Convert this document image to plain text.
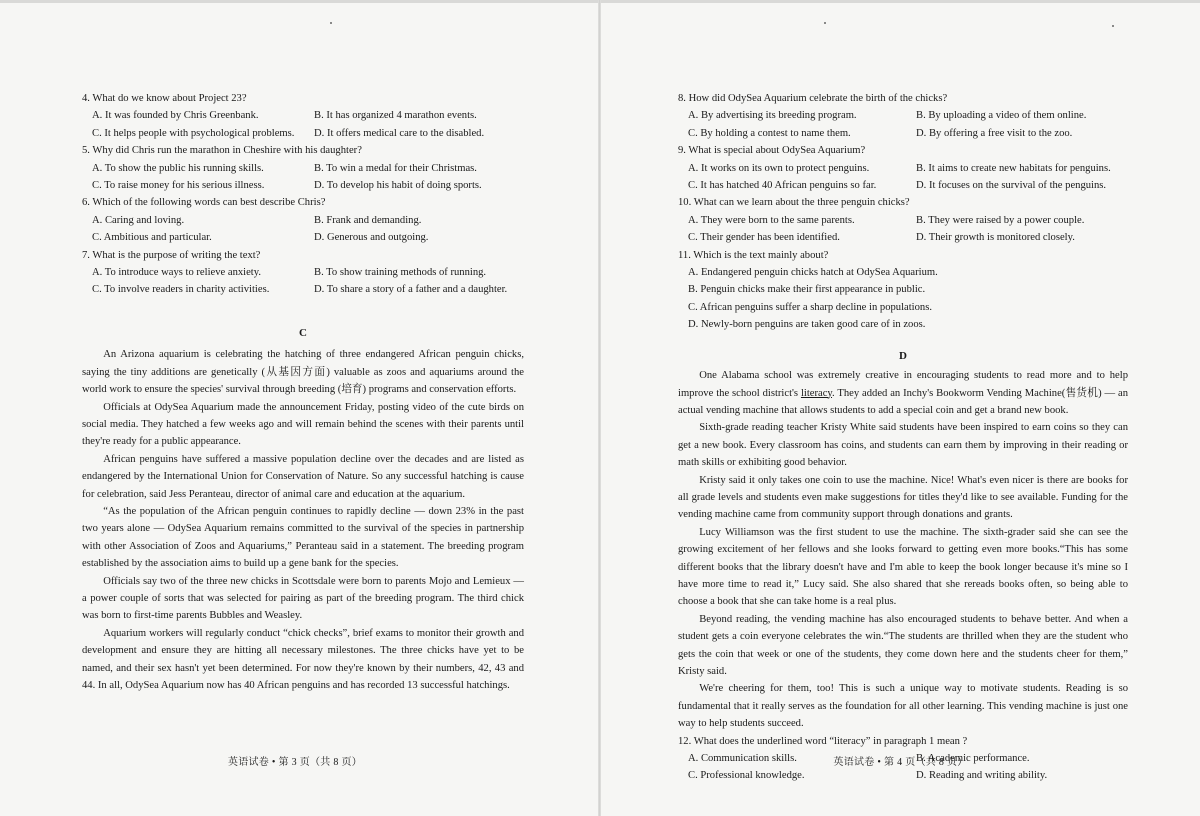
4. What do we know about Project 23?

A. It was founded by Chris Greenbank.	B. It has organized 4 marathon events.
C. It helps people with psychological problems.	D. It offers medical care to the disabled.

5. Why did Chris run the marathon in Cheshire with his daughter?

A. To show the public his running skills.	B. To win a medal for their Christmas.
C. To raise money for his serious illness.	D. To develop his habit of doing sports.

6. Which of the following words can best describe Chris?

A. Caring and loving.	B. Frank and demanding.
C. Ambitious and particular.	D. Generous and outgoing.

7. What is the purpose of writing the text?

A. To introduce ways to relieve anxiety.	B. To show training methods of running.
C. To involve readers in charity activities.	D. To share a story of a father and a daughter.

C

An Arizona aquarium is celebrating the hatching of three endangered African penguin chicks, saying the tiny additions are genetically (从基因方面) valuable as zoos and aquariums around the world work to ensure the species' survival through breeding (培育) programs and conservation efforts.

Officials at OdySea Aquarium made the announcement Friday, posting video of the cute birds on social media. They hatched a few weeks ago and will remain behind the scenes with their parents until they're ready for a public appearance.

African penguins have suffered a massive population decline over the decades and are listed as endangered by the International Union for Conservation of Nature. So any successful hatching is cause for celebration, said Jess Peranteau, director of animal care and education at the aquarium.

“As the population of the African penguin continues to rapidly decline — down 23% in the past two years alone — OdySea Aquarium remains committed to the survival of the species in partnership with other Association of Zoos and Aquariums,” Peranteau said in a statement. The breeding program established by the association aims to build up a gene bank for the species.

Officials say two of the three new chicks in Scottsdale were born to parents Mojo and Lemieux — a power couple of sorts that was selected for pairing as part of the breeding program. The third chick was born to first-time parents Bubbles and Weasley.

Aquarium workers will regularly conduct “chick checks”, brief exams to monitor their growth and development and ensure they are hitting all necessary milestones. The three chicks have yet to be named, and their sex hasn't yet been determined. For now they're known by their numbers, 42, 43 and 44. In all, OdySea Aquarium now has 40 African penguins and has recorded 13 successful hatchings.

英语试卷 • 第 3 页（共 8 页）

8. How did OdySea Aquarium celebrate the birth of the chicks?

A. By advertising its breeding program.	B. By uploading a video of them online.
C. By holding a contest to name them.	D. By offering a free visit to the zoo.

9. What is special about OdySea Aquarium?

A. It works on its own to protect penguins.	B. It aims to create new habitats for penguins.
C. It has hatched 40 African penguins so far.	D. It focuses on the survival of the penguins.

10. What can we learn about the three penguin chicks?

A. They were born to the same parents.	B. They were raised by a power couple.
C. Their gender has been identified.	D. Their growth is monitored closely.

11. Which is the text mainly about?

A. Endangered penguin chicks hatch at OdySea Aquarium.
B. Penguin chicks make their first appearance in public.
C. African penguins suffer a sharp decline in populations.
D. Newly-born penguins are taken good care of in zoos.

D

One Alabama school was extremely creative in encouraging students to read more and to help improve the school district's literacy. They added an Inchy's Bookworm Vending Machine(售货机) — an actual vending machine that allows students to add a special coin and get a brand new book.

Sixth-grade reading teacher Kristy White said students have been inspired to earn coins so they can get a new book. Every classroom has coins, and students can earn them by improving in their reading or math skills or exhibiting good behavior.

Kristy said it only takes one coin to use the machine. Nice! What's even nicer is there are books for all grade levels and students even make suggestions for titles they'd like to see available. Funding for the vending machine came from community support through donations and grants.

Lucy Williamson was the first student to use the machine. The sixth-grader said she can see the growing excitement of her fellows and she looks forward to getting even more books.“This has some different books that the library doesn't have and I'm able to keep the book longer because it's mine so I have more time to read it,” Lucy said. She also shared that she rereads books often, so being able to choose a book that she can take home is a real plus.

Beyond reading, the vending machine has also encouraged students to behave better. And when a student gets a coin everyone celebrates the win.“The students are thrilled when they are the student who gets the coin that week or one of the students, they come down here and the students cheer for them,” Kristy said.

We're cheering for them, too! This is such a unique way to motivate students. Reading is so fundamental that it really serves as the foundation for all other learning. This vending machine is just one way to help students succeed.

12. What does the underlined word “literacy” in paragraph 1 mean ?

A. Communication skills.	B. Academic performance.
C. Professional knowledge.	D. Reading and writing ability.
英语试卷 • 第 4 页（共 8 页）
